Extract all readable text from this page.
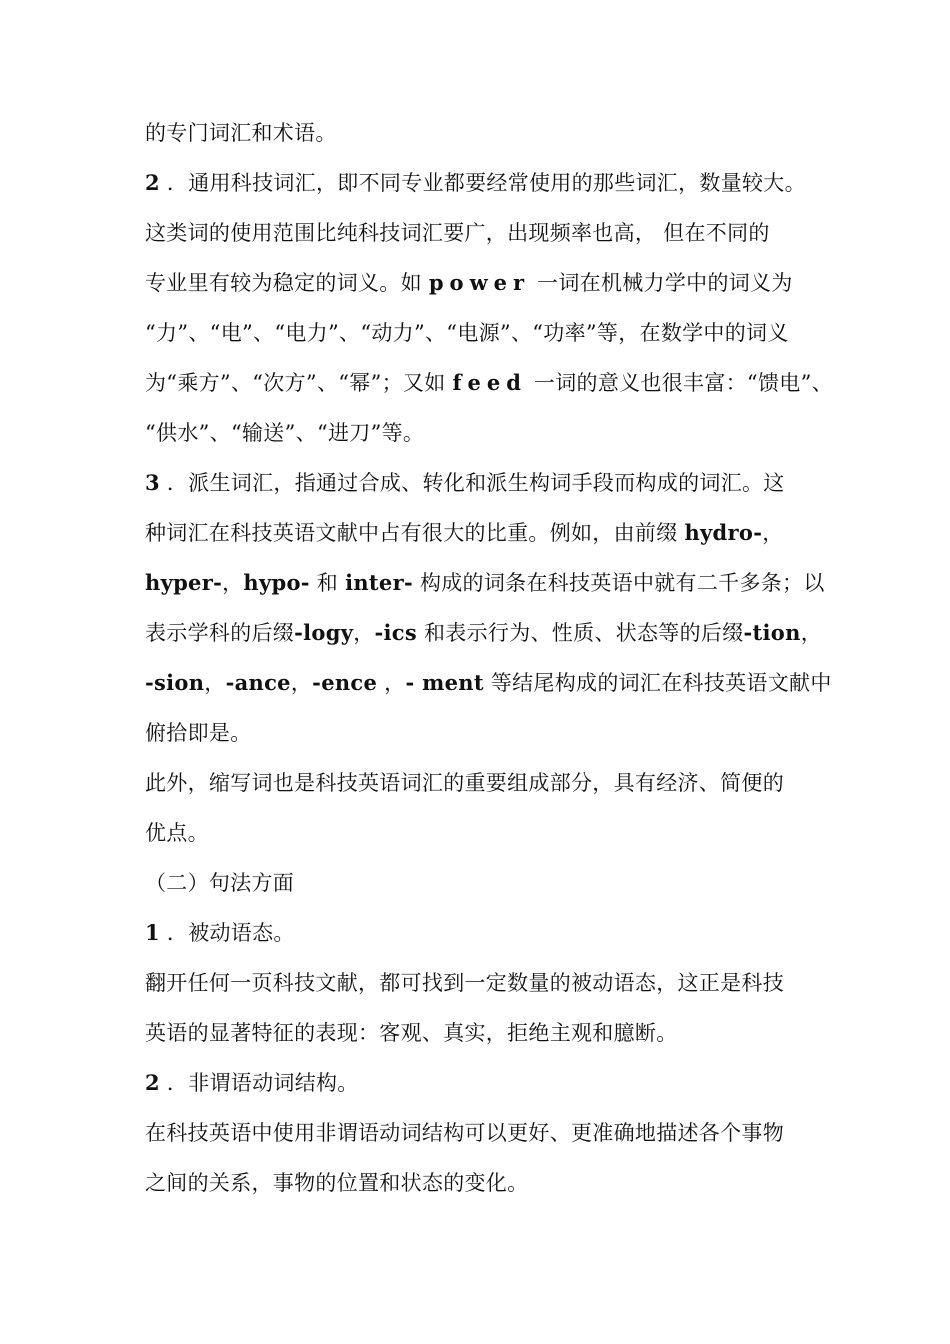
的专门词汇和术语。
2 ．通用科技词汇，即不同专业都要经常使用的那些词汇，数量较大。
这类词的使用范围比纯科技词汇要广，出现频率也高， 但在不同的
专业里有较为稳定的词义。如 power 一词在机械力学中的词义为
“力”、“电”、“电力”、“动力”、“电源”、“功率”等，在数学中的词义
为“乘方”、“次方”、“幂”；又如 feed 一词的意义也很丰富：“馈电”、
“供水”、“输送”、“进刀”等。
3 ．派生词汇，指通过合成、转化和派生构词手段而构成的词汇。这
种词汇在科技英语文献中占有很大的比重。例如，由前缀 hydro-，
hyper-，hypo- 和 inter- 构成的词条在科技英语中就有二千多条；以
表示学科的后缀-logy，-ics 和表示行为、性质、状态等的后缀-tion，
-sion，-ance，-ence ，- ment 等结尾构成的词汇在科技英语文献中
俯拾即是。
此外，缩写词也是科技英语词汇的重要组成部分，具有经济、简便的
优点。
（二）句法方面
1 ．被动语态。
翻开任何一页科技文献，都可找到一定数量的被动语态，这正是科技
英语的显著特征的表现：客观、真实，拒绝主观和臆断。
2 ．非谓语动词结构。
在科技英语中使用非谓语动词结构可以更好、更准确地描述各个事物
之间的关系，事物的位置和状态的变化。
